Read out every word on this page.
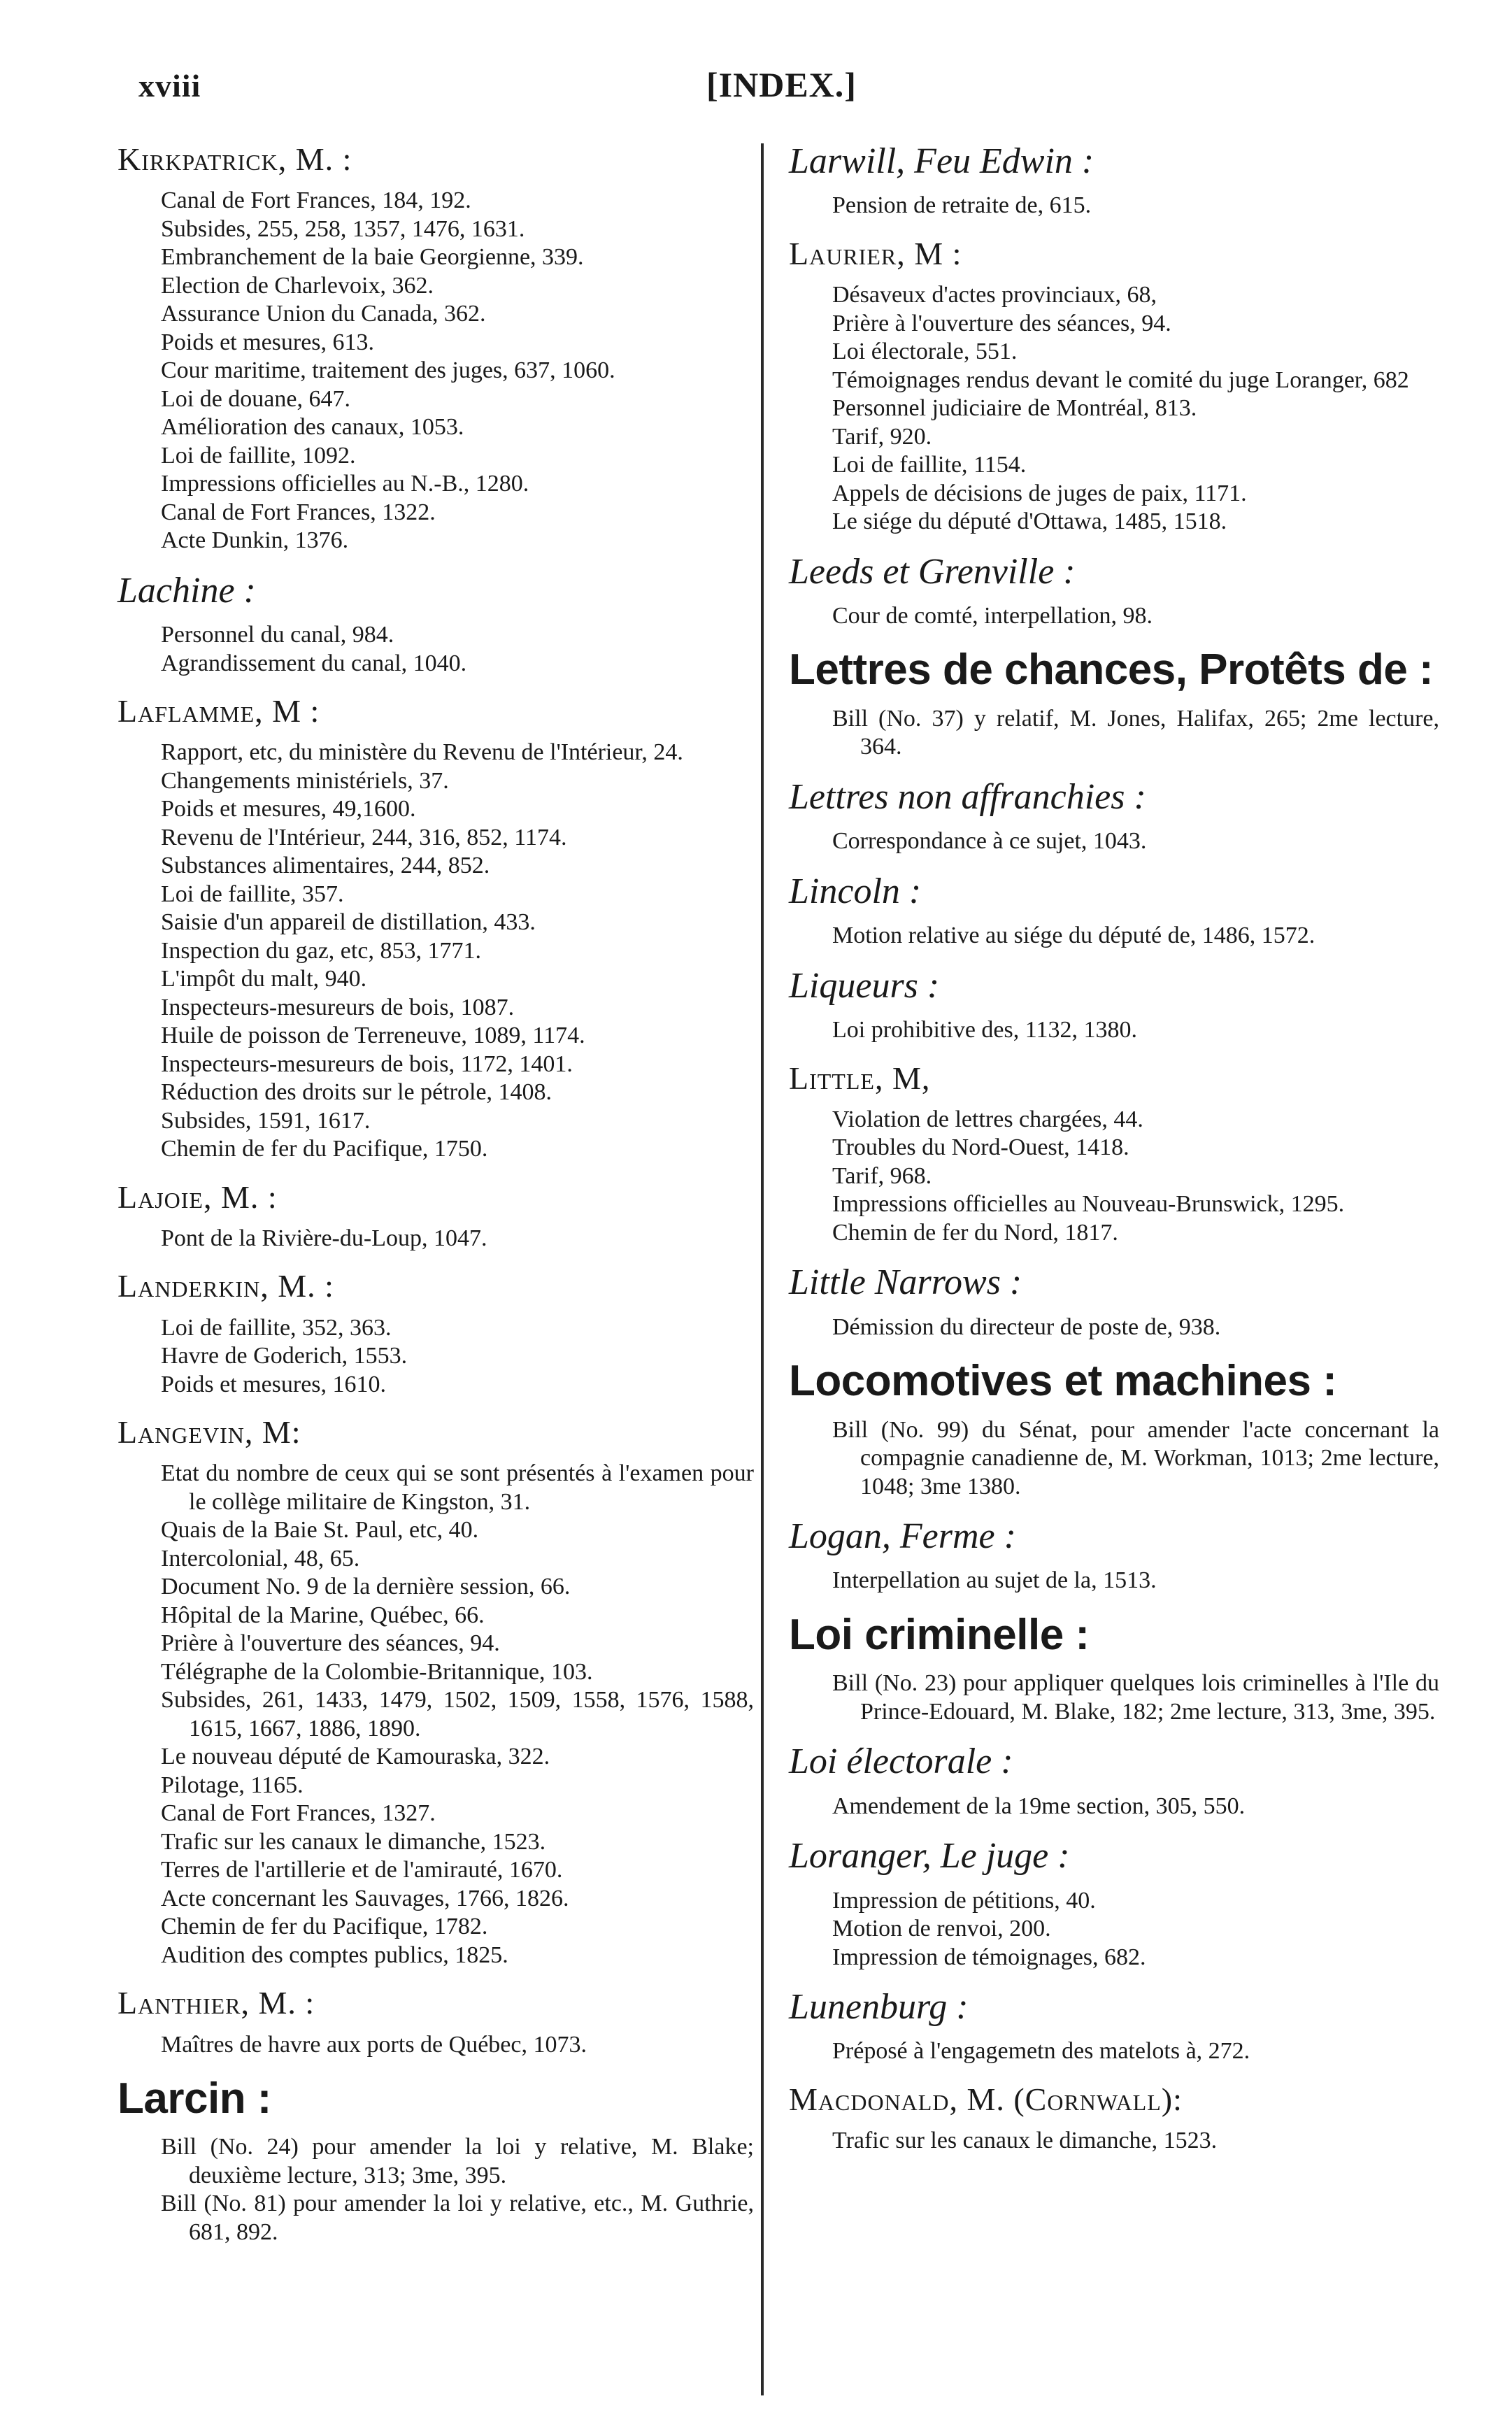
xviii	[INDEX.]
Kirkpatrick, M. :
Canal de Fort Frances, 184, 192.
Subsides, 255, 258, 1357, 1476, 1631.
Embranchement de la baie Georgienne, 339.
Election de Charlevoix, 362.
Assurance Union du Canada, 362.
Poids et mesures, 613.
Cour maritime, traitement des juges, 637, 1060.
Loi de douane, 647.
Amélioration des canaux, 1053.
Loi de faillite, 1092.
Impressions officielles au N.-B., 1280.
Canal de Fort Frances, 1322.
Acte Dunkin, 1376.
Lachine :
Personnel du canal, 984.
Agrandissement du canal, 1040.
Laflamme, M :
Rapport, etc, du ministère du Revenu de l'Intérieur, 24.
Changements ministériels, 37.
Poids et mesures, 49,1600.
Revenu de l'Intérieur, 244, 316, 852, 1174.
Substances alimentaires, 244, 852.
Loi de faillite, 357.
Saisie d'un appareil de distillation, 433.
Inspection du gaz, etc, 853, 1771.
L'impôt du malt, 940.
Inspecteurs-mesureurs de bois, 1087.
Huile de poisson de Terreneuve, 1089, 1174.
Inspecteurs-mesureurs de bois, 1172, 1401.
Réduction des droits sur le pétrole, 1408.
Subsides, 1591, 1617.
Chemin de fer du Pacifique, 1750.
Lajoie, M. :
Pont de la Rivière-du-Loup, 1047.
Landerkin, M. :
Loi de faillite, 352, 363.
Havre de Goderich, 1553.
Poids et mesures, 1610.
Langevin, M:
Etat du nombre de ceux qui se sont présentés à l'examen pour le collège militaire de Kingston, 31.
Quais de la Baie St. Paul, etc, 40.
Intercolonial, 48, 65.
Document No. 9 de la dernière session, 66.
Hôpital de la Marine, Québec, 66.
Prière à l'ouverture des séances, 94.
Télégraphe de la Colombie-Britannique, 103.
Subsides, 261, 1433, 1479, 1502, 1509, 1558, 1576, 1588, 1615, 1667, 1886, 1890.
Le nouveau député de Kamouraska, 322.
Pilotage, 1165.
Canal de Fort Frances, 1327.
Trafic sur les canaux le dimanche, 1523.
Terres de l'artillerie et de l'amirauté, 1670.
Acte concernant les Sauvages, 1766, 1826.
Chemin de fer du Pacifique, 1782.
Audition des comptes publics, 1825.
Lanthier, M. :
Maîtres de havre aux ports de Québec, 1073.
Larcin :
Bill (No. 24) pour amender la loi y relative, M. Blake; deuxième lecture, 313; 3me, 395.
Bill (No. 81) pour amender la loi y relative, etc., M. Guthrie, 681, 892.
Larwill, Feu Edwin :
Pension de retraite de, 615.
Laurier, M :
Désaveux d'actes provinciaux, 68,
Prière à l'ouverture des séances, 94.
Loi électorale, 551.
Témoignages rendus devant le comité du juge Loranger, 682
Personnel judiciaire de Montréal, 813.
Tarif, 920.
Loi de faillite, 1154.
Appels de décisions de juges de paix, 1171.
Le siége du député d'Ottawa, 1485, 1518.
Leeds et Grenville :
Cour de comté, interpellation, 98.
Lettres de chances, Protêts de :
Bill (No. 37) y relatif, M. Jones, Halifax, 265; 2me lecture, 364.
Lettres non affranchies :
Correspondance à ce sujet, 1043.
Lincoln :
Motion relative au siége du député de, 1486, 1572.
Liqueurs :
Loi prohibitive des, 1132, 1380.
Little, M,
Violation de lettres chargées, 44.
Troubles du Nord-Ouest, 1418.
Tarif, 968.
Impressions officielles au Nouveau-Brunswick, 1295.
Chemin de fer du Nord, 1817.
Little Narrows :
Démission du directeur de poste de, 938.
Locomotives et machines :
Bill (No. 99) du Sénat, pour amender l'acte concernant la compagnie canadienne de, M. Workman, 1013; 2me lecture, 1048; 3me 1380.
Logan, Ferme :
Interpellation au sujet de la, 1513.
Loi criminelle :
Bill (No. 23) pour appliquer quelques lois criminelles à l'Ile du Prince-Edouard, M. Blake, 182; 2me lecture, 313, 3me, 395.
Loi électorale :
Amendement de la 19me section, 305, 550.
Loranger, Le juge :
Impression de pétitions, 40.
Motion de renvoi, 200.
Impression de témoignages, 682.
Lunenburg :
Préposé à l'engagemetn des matelots à, 272.
Macdonald, M. (Cornwall):
Trafic sur les canaux le dimanche, 1523.
